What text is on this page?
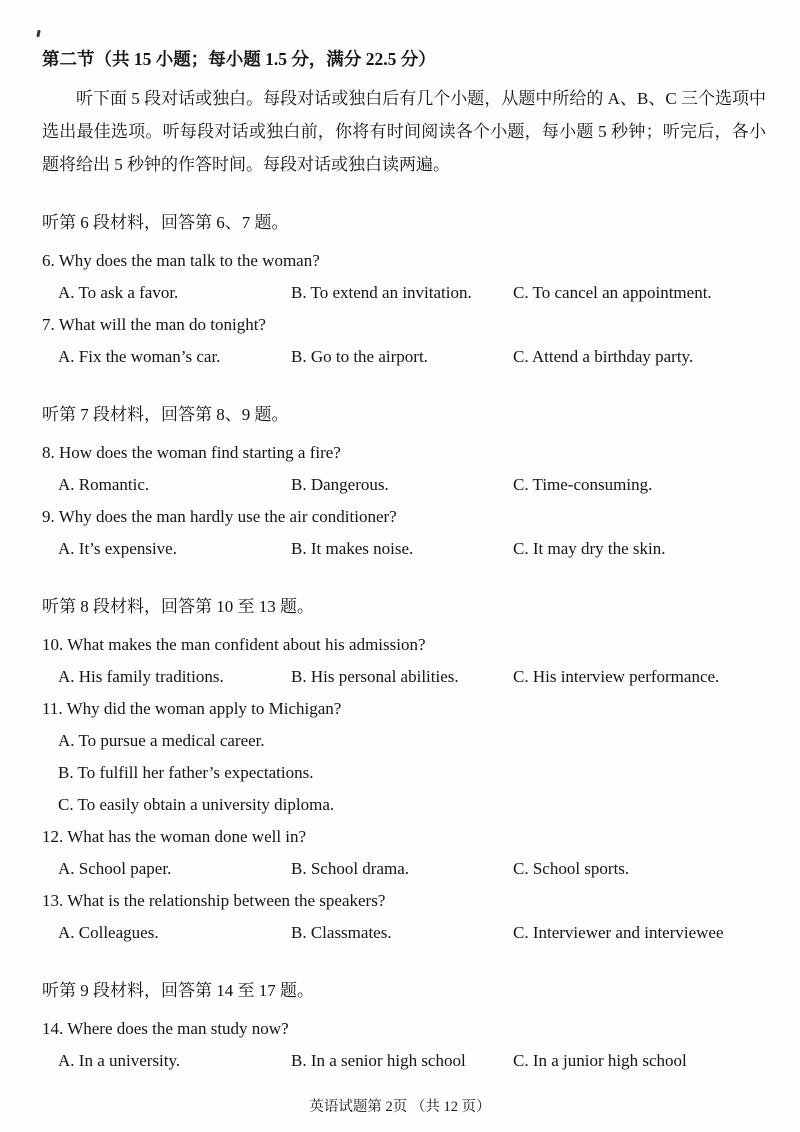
第二节（共 15 小题；每小题 1.5 分，满分 22.5 分）

听下面 5 段对话或独白。每段对话或独白后有几个小题，从题中所给的 A、B、C 三个选项中选出最佳选项。听每段对话或独白前，你将有时间阅读各个小题，每小题 5 秒钟；听完后，各小题将给出 5 秒钟的作答时间。每段对话或独白读两遍。

听第 6 段材料，回答第 6、7 题。
6. Why does the man talk to the woman?
A. To ask a favor.	B. To extend an invitation.	C. To cancel an appointment.
7. What will the man do tonight?
A. Fix the woman’s car.	B. Go to the airport.	C. Attend a birthday party.
听第 7 段材料，回答第 8、9 题。
8. How does the woman find starting a fire?
A. Romantic.	B. Dangerous.	C. Time-consuming.
9. Why does the man hardly use the air conditioner?
A. It’s expensive.	B. It makes noise.	C. It may dry the skin.
听第 8 段材料，回答第 10 至 13 题。
10. What makes the man confident about his admission?
A. His family traditions.	B. His personal abilities.	C. His interview performance.
11. Why did the woman apply to Michigan?
A. To pursue a medical career.
B. To fulfill her father’s expectations.
C. To easily obtain a university diploma.
12. What has the woman done well in?
A. School paper.	B. School drama.	C. School sports.
13. What is the relationship between the speakers?
A. Colleagues.	B. Classmates.	C. Interviewer and interviewee
听第 9 段材料，回答第 14 至 17 题。
14. Where does the man study now?
A. In a university.	B. In a senior high school	C. In a junior high school
英语试题第 2页 （共 12 页）
